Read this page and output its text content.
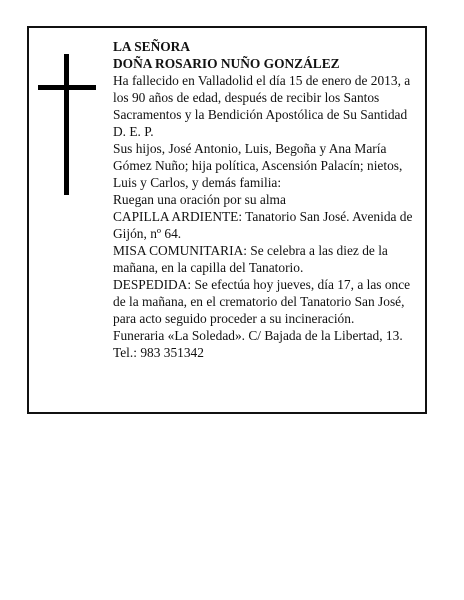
LA SEÑORA

DOÑA ROSARIO NUÑO GONZÁLEZ

Ha fallecido en Valladolid el día 15 de enero de 2013, a los 90 años de edad, después de recibir los Santos Sacramentos y la Bendición Apostólica de Su Santidad D. E. P.

Sus hijos, José Antonio, Luis, Begoña y Ana María Gómez Nuño; hija política, Ascensión Palacín; nietos, Luis y Carlos, y demás familia:

Ruegan una oración por su alma

CAPILLA ARDIENTE: Tanatorio San José. Avenida de Gijón, nº 64.

MISA COMUNITARIA: Se celebra a las diez de la mañana, en la capilla del Tanatorio.

DESPEDIDA: Se efectúa hoy jueves, día 17, a las once de la mañana, en el crematorio del Tanatorio San José, para acto seguido proceder a su incineración.

Funeraria «La Soledad». C/ Bajada de la Libertad, 13. Tel.: 983 351342
